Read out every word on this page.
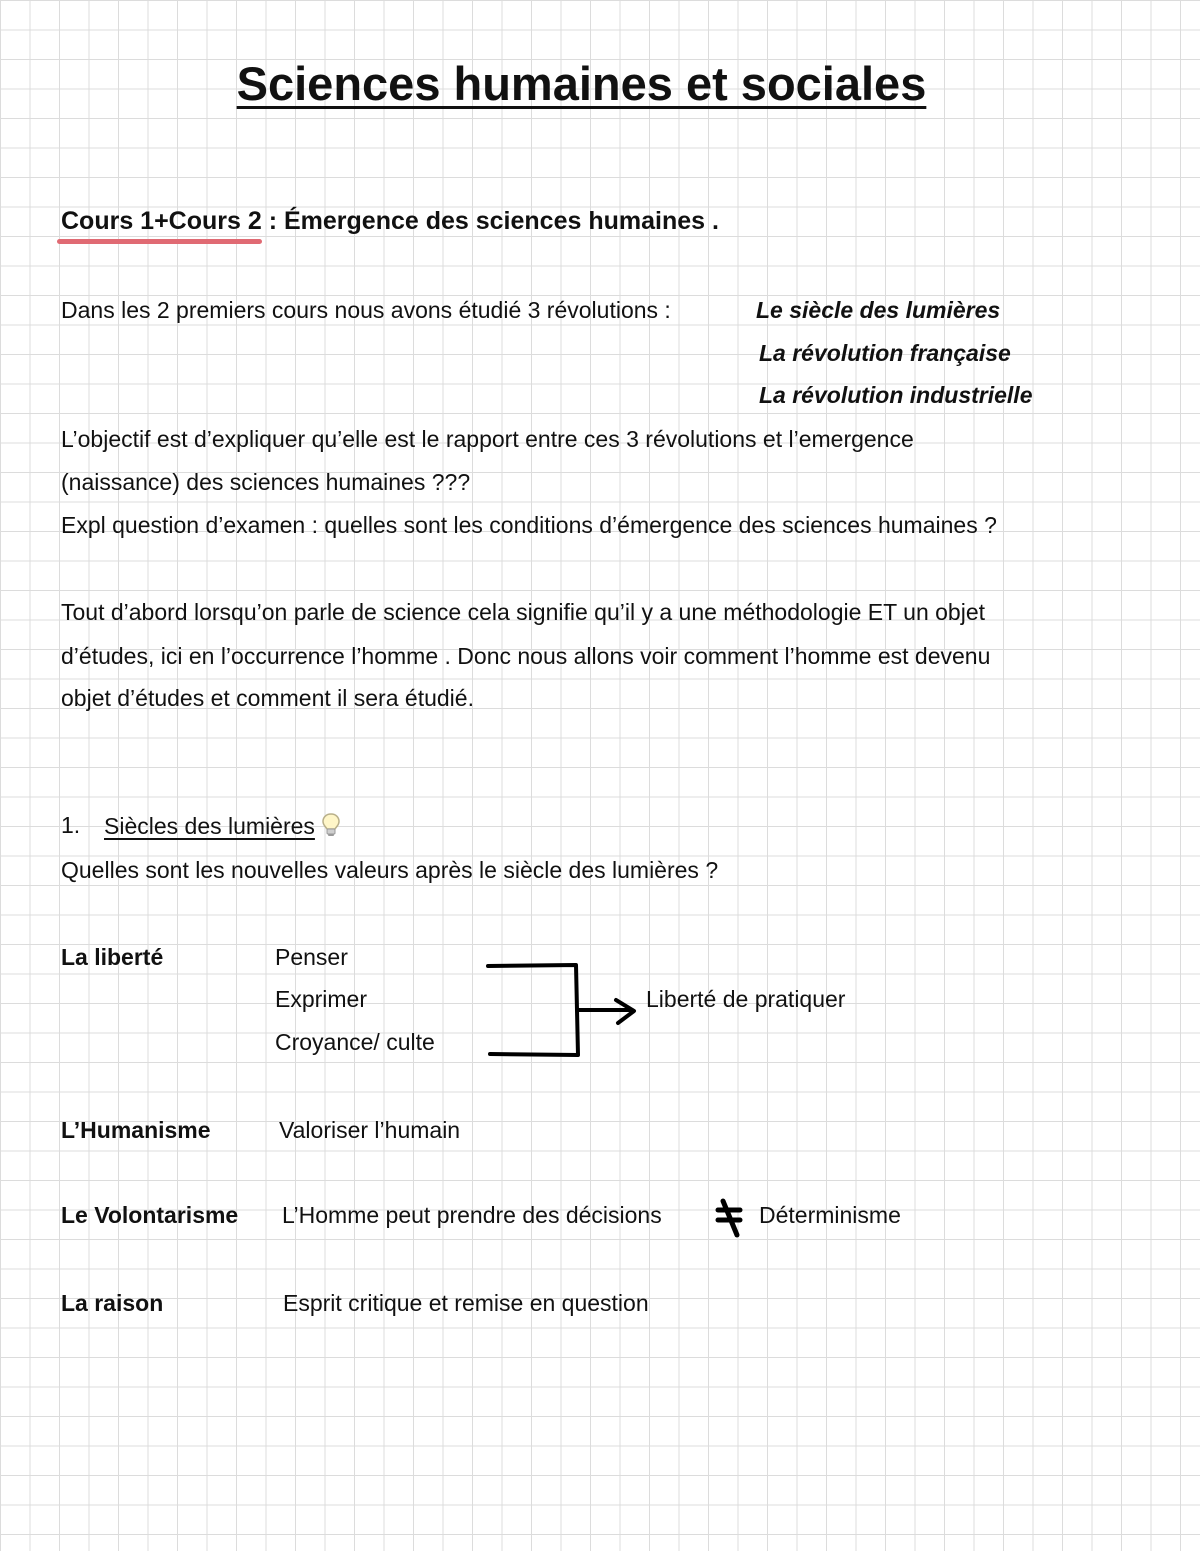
Sciences humaines et sociales
Cours 1+Cours 2 : Émergence des sciences humaines .
Dans les 2 premiers cours nous avons étudié 3 révolutions :	Le siècle des lumières
La révolution française
La révolution industrielle
L’objectif est d’expliquer qu’elle est le rapport entre ces 3 révolutions et l’emergence
(naissance) des sciences humaines ???
Expl question d’examen : quelles sont les conditions d’émergence des sciences humaines ?
Tout d’abord lorsqu’on parle de science cela signifie qu’il y a une méthodologie ET un objet
d’études, ici en l’occurrence l’homme . Donc nous allons voir comment l’homme est devenu
objet d’études et comment il sera étudié.
1. Siècles des lumières
Quelles sont les nouvelles valeurs après le siècle des lumières ?
La liberté	Penser
Exprimer
Croyance/ culte
Liberté de pratiquer
L’Humanisme	Valoriser l’humain
Le Volontarisme L’Homme peut prendre des décisions	Déterminisme
La raison	Esprit critique et remise en question
